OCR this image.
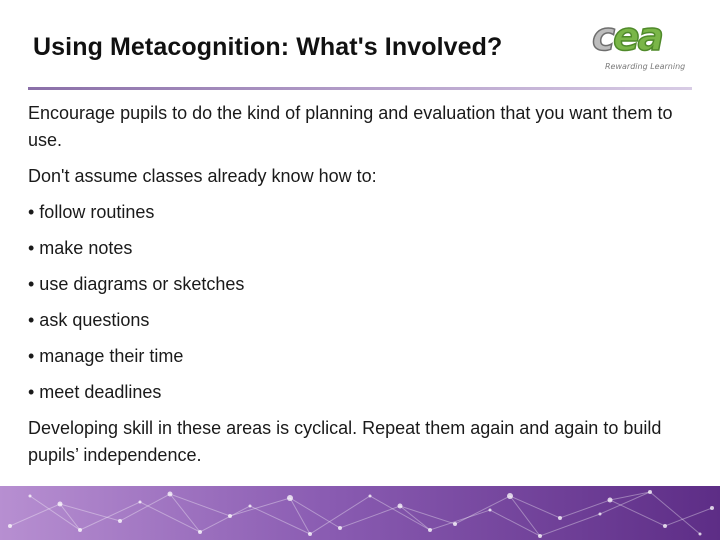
Using Metacognition: What's Involved? cea
Rewarding Learning

Encourage pupils to do the kind of planning and evaluation that you want them to use.

Don't assume classes already know how to:

• follow routines

• make notes

• use diagrams or sketches

• ask questions

• manage their time

• meet deadlines

Developing skill in these areas is cyclical. Repeat them again and again to build pupils’ independence.
